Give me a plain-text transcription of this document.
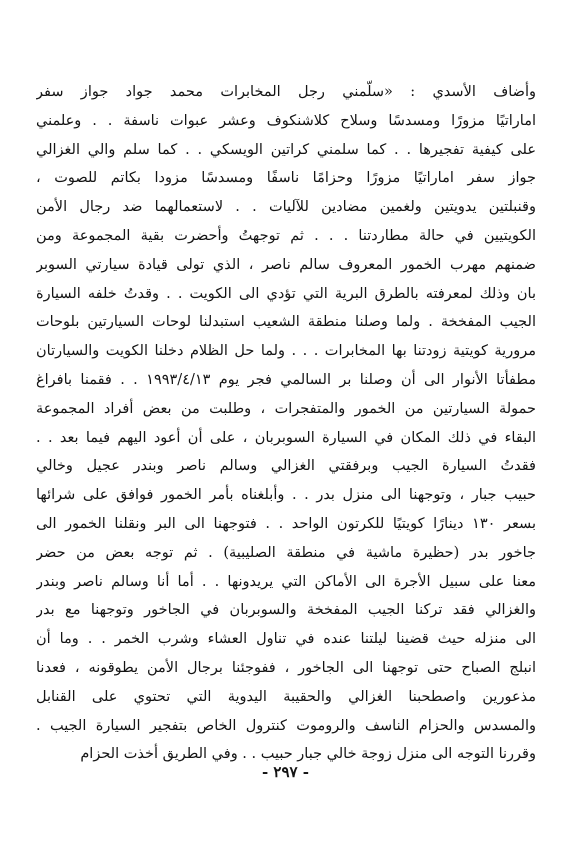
وأضاف الأسدي : «سلّمني رجل المخابرات محمد جواد جواز سفر
اماراتيًا مزورًا ومسدسًا وسلاح كلاشنكوف وعشر عبوات ناسفة . . وعلمني
على كيفية تفجيرها . . كما سلمني كراتين الويسكي . . كما سلم والي الغزالي
جواز سفر اماراتيًا مزورًا وحزامًا ناسفًا ومسدسًا مزودا بكاتم للصوت ،
وقنبلتين يدويتين ولغمين مضادين للآليات . . لاستعمالهما ضد رجال الأمن
الكويتيين في حالة مطاردتنا . . . ثم توجهتُ وأحضرت بقية المجموعة ومن
ضمنهم مهرب الخمور المعروف سالم ناصر ، الذي تولى قيادة سيارتي السوبر
بان وذلك لمعرفته بالطرق البرية التي تؤدي الى الكويت . . وقدتُ خلفه السيارة
الجيب المفخخة . ولما وصلنا منطقة الشعيب استبدلنا لوحات السيارتين بلوحات
مرورية كويتية زودتنا بها المخابرات . . . ولما حل الظلام دخلنا الكويت والسيارتان
مطفأتا الأنوار الى أن وصلنا بر السالمي فجر يوم ١٩٩٣/٤/١٣ . . فقمنا بافراغ
حمولة السيارتين من الخمور والمتفجرات ، وطلبت من بعض أفراد المجموعة
البقاء في ذلك المكان في السيارة السوبربان ، على أن أعود اليهم فيما بعد . .
فقدتُ السيارة الجيب وبرفقتي الغزالي وسالم ناصر وبندر عجيل وخالي
حبيب جبار ، وتوجهنا الى منزل بدر . . وأبلغناه بأمر الخمور فوافق على شرائها
بسعر ١٣٠ دينارًا كويتيًا للكرتون الواحد . . فتوجهنا الى البر ونقلنا الخمور الى
جاخور بدر (حظيرة ماشية في منطقة الصليبية) . ثم توجه بعض من حضر
معنا على سبيل الأجرة الى الأماكن التي يريدونها . . أما أنا وسالم ناصر وبندر
والغزالي فقد تركنا الجيب المفخخة والسوبربان في الجاخور وتوجهنا مع بدر
الى منزله حيث قضينا ليلتنا عنده في تناول العشاء وشرب الخمر . . وما أن
انبلج الصباح حتى توجهنا الى الجاخور ، ففوجئنا برجال الأمن يطوقونه ، فعدنا
مذعورين واصطحبنا الغزالي والحقيبة اليدوية التي تحتوي على القنابل
والمسدس والحزام الناسف والروموت كنترول الخاص بتفجير السيارة الجيب .
وقررنا التوجه الى منزل زوجة خالي جبار حبيب . . وفي الطريق أخذت الحزام
- ٢٩٧ -
